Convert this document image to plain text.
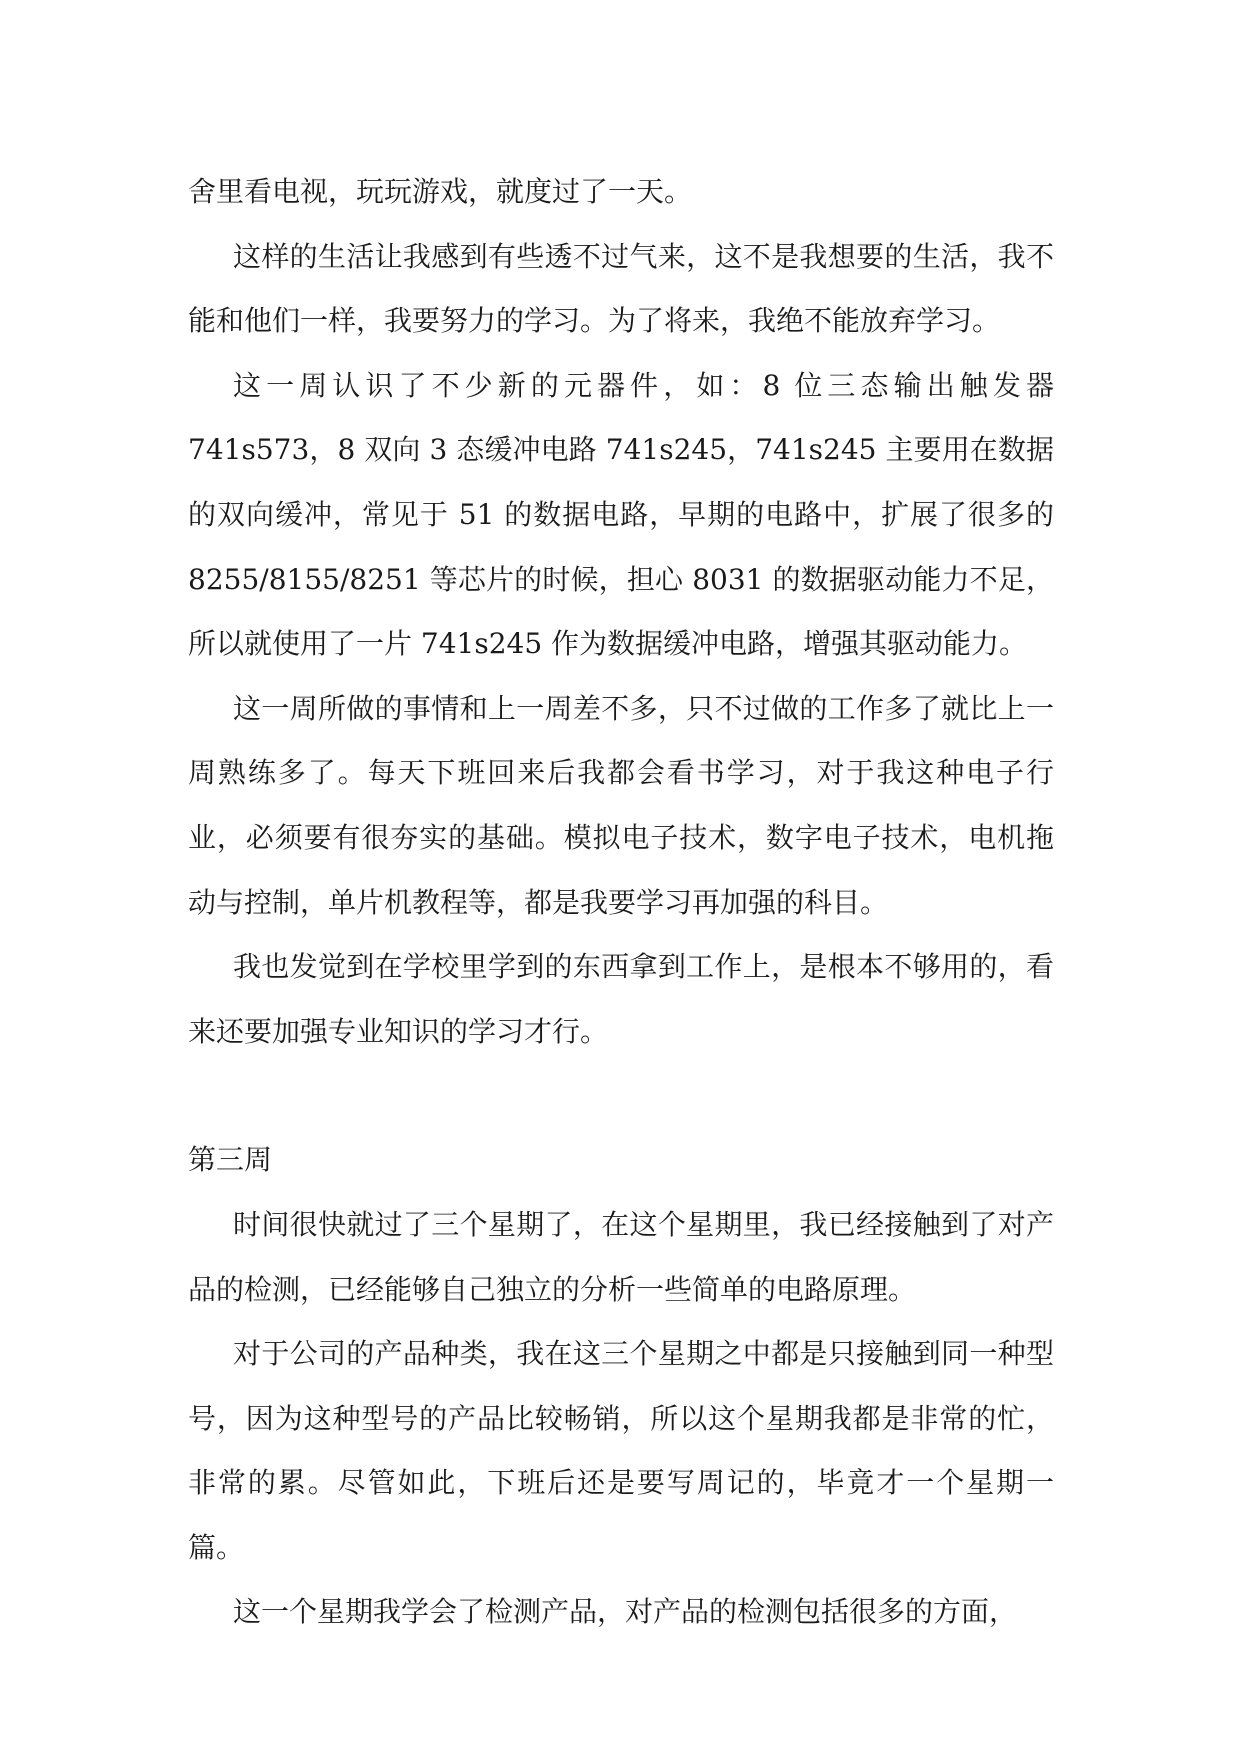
舍里看电视，玩玩游戏，就度过了一天。

这样的生活让我感到有些透不过气来，这不是我想要的生活，我不能和他们一样，我要努力的学习。为了将来，我绝不能放弃学习。

这一周认识了不少新的元器件，如：8 位三态输出触发器 741s573，8 双向 3 态缓冲电路 741s245，741s245 主要用在数据的双向缓冲，常见于 51 的数据电路，早期的电路中，扩展了很多的 8255/8155/8251 等芯片的时候，担心 8031 的数据驱动能力不足，所以就使用了一片 741s245 作为数据缓冲电路，增强其驱动能力。

这一周所做的事情和上一周差不多，只不过做的工作多了就比上一周熟练多了。每天下班回来后我都会看书学习，对于我这种电子行业，必须要有很夯实的基础。模拟电子技术，数字电子技术，电机拖动与控制，单片机教程等，都是我要学习再加强的科目。

我也发觉到在学校里学到的东西拿到工作上，是根本不够用的，看来还要加强专业知识的学习才行。

第三周

时间很快就过了三个星期了，在这个星期里，我已经接触到了对产品的检测，已经能够自己独立的分析一些简单的电路原理。

对于公司的产品种类，我在这三个星期之中都是只接触到同一种型号，因为这种型号的产品比较畅销，所以这个星期我都是非常的忙，非常的累。尽管如此，下班后还是要写周记的，毕竟才一个星期一篇。

这一个星期我学会了检测产品，对产品的检测包括很多的方面，
